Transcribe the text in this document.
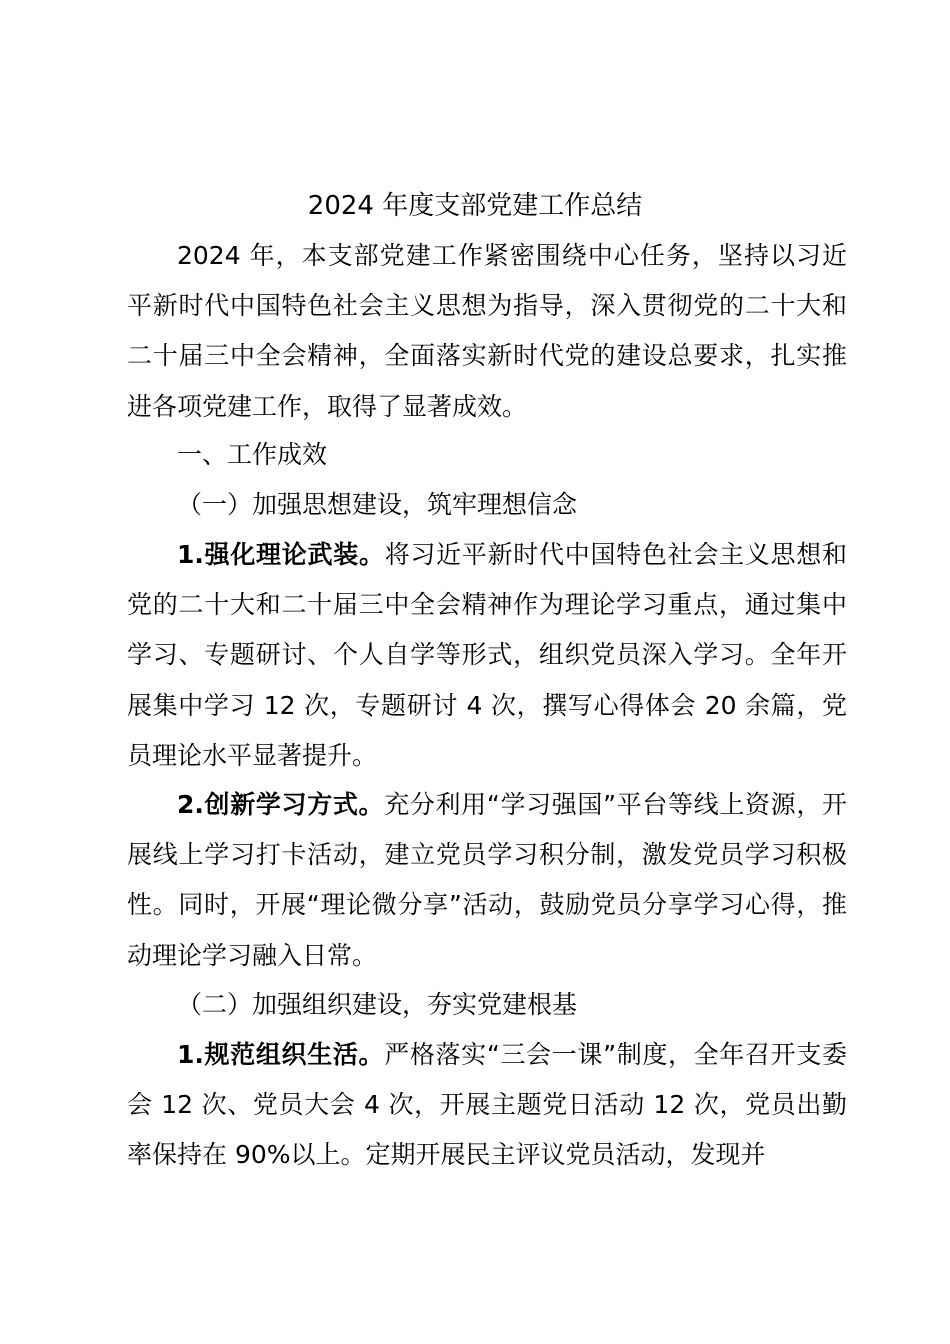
2024 年度支部党建工作总结
2024 年，本支部党建工作紧密围绕中心任务，坚持以习近平新时代中国特色社会主义思想为指导，深入贯彻党的二十大和二十届三中全会精神，全面落实新时代党的建设总要求，扎实推进各项党建工作，取得了显著成效。
一、工作成效
（一）加强思想建设，筑牢理想信念
1.强化理论武装。将习近平新时代中国特色社会主义思想和党的二十大和二十届三中全会精神作为理论学习重点，通过集中学习、专题研讨、个人自学等形式，组织党员深入学习。全年开展集中学习 12 次，专题研讨 4 次，撰写心得体会 20 余篇，党员理论水平显著提升。
2.创新学习方式。充分利用“学习强国”平台等线上资源，开展线上学习打卡活动，建立党员学习积分制，激发党员学习积极性。同时，开展“理论微分享”活动，鼓励党员分享学习心得，推动理论学习融入日常。
（二）加强组织建设，夯实党建根基
1.规范组织生活。严格落实“三会一课”制度，全年召开支委会 12 次、党员大会 4 次，开展主题党日活动 12 次，党员出勤率保持在 90%以上。定期开展民主评议党员活动，发现并
